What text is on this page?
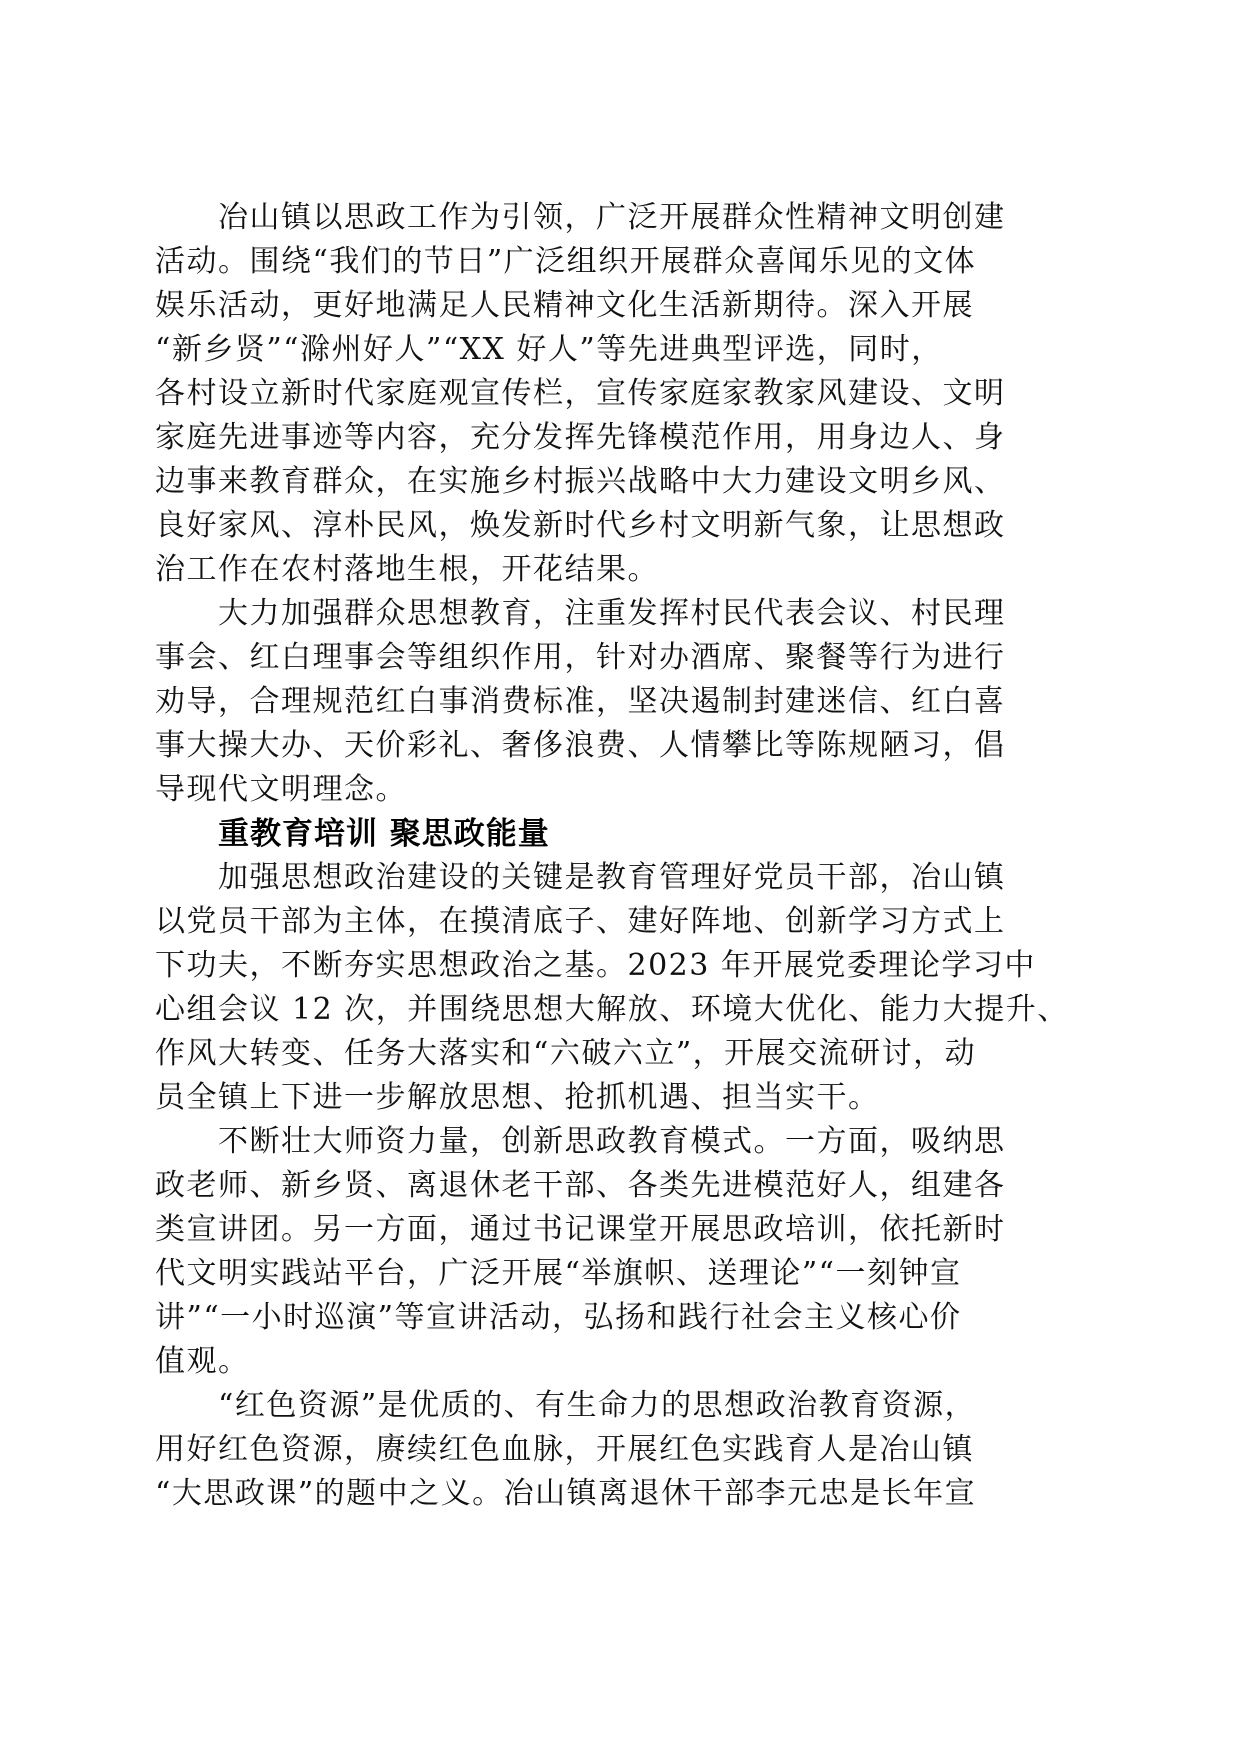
冶山镇以思政工作为引领，广泛开展群众性精神文明创建
活动。围绕“我们的节日”广泛组织开展群众喜闻乐见的文体
娱乐活动，更好地满足人民精神文化生活新期待。深入开展
“新乡贤”“滁州好人”“XX 好人”等先进典型评选，同时，
各村设立新时代家庭观宣传栏，宣传家庭家教家风建设、文明
家庭先进事迹等内容，充分发挥先锋模范作用，用身边人、身
边事来教育群众，在实施乡村振兴战略中大力建设文明乡风、
良好家风、淳朴民风，焕发新时代乡村文明新气象，让思想政
治工作在农村落地生根，开花结果。
大力加强群众思想教育，注重发挥村民代表会议、村民理
事会、红白理事会等组织作用，针对办酒席、聚餐等行为进行
劝导，合理规范红白事消费标准，坚决遏制封建迷信、红白喜
事大操大办、天价彩礼、奢侈浪费、人情攀比等陈规陋习，倡
导现代文明理念。
重教育培训 聚思政能量
加强思想政治建设的关键是教育管理好党员干部，冶山镇
以党员干部为主体，在摸清底子、建好阵地、创新学习方式上
下功夫，不断夯实思想政治之基。2023 年开展党委理论学习中
心组会议 12 次，并围绕思想大解放、环境大优化、能力大提升、
作风大转变、任务大落实和“六破六立”，开展交流研讨，动
员全镇上下进一步解放思想、抢抓机遇、担当实干。
不断壮大师资力量，创新思政教育模式。一方面，吸纳思
政老师、新乡贤、离退休老干部、各类先进模范好人，组建各
类宣讲团。另一方面，通过书记课堂开展思政培训，依托新时
代文明实践站平台，广泛开展“举旗帜、送理论”“一刻钟宣
讲”“一小时巡演”等宣讲活动，弘扬和践行社会主义核心价
值观。
“红色资源”是优质的、有生命力的思想政治教育资源，
用好红色资源，赓续红色血脉，开展红色实践育人是冶山镇
“大思政课”的题中之义。冶山镇离退休干部李元忠是长年宣
